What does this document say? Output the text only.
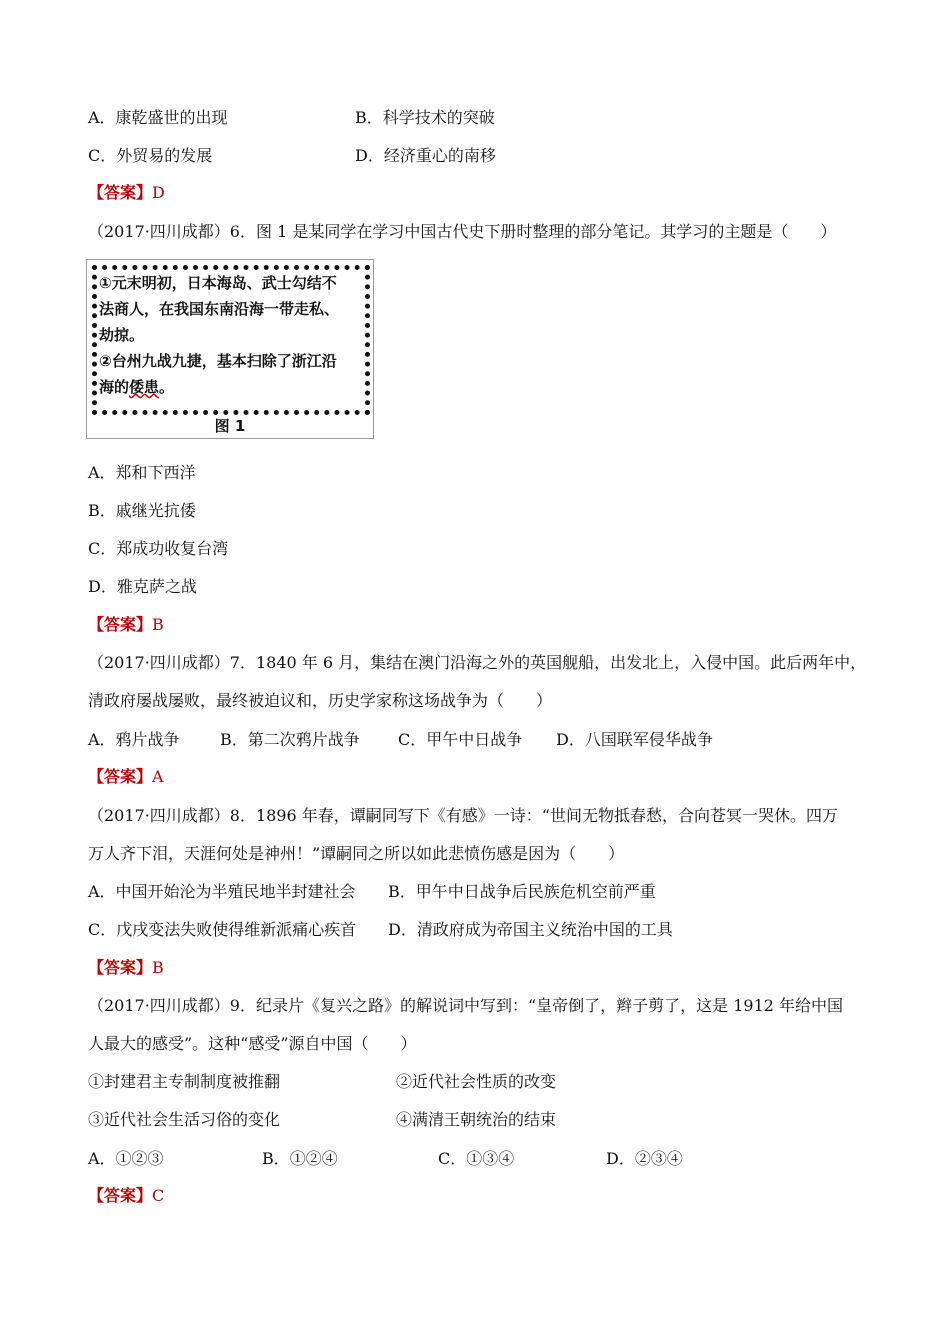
A．康乾盛世的出现	B．科学技术的突破
C．外贸易的发展	D．经济重心的南移
【答案】D
（2017·四川成都）6．图 1 是某同学在学习中国古代史下册时整理的部分笔记。其学习的主题是（　　）

①元末明初，日本海岛、武士勾结不法商人，在我国东南沿海一带走私、劫掠。

②台州九战九捷，基本扫除了浙江沿海的倭患。

图 1
A．郑和下西洋
B．戚继光抗倭
C．郑成功收复台湾
D．雅克萨之战
【答案】B
（2017·四川成都）7．1840 年 6 月，集结在澳门沿海之外的英国舰船，出发北上，入侵中国。此后两年中，
清政府屡战屡败，最终被迫议和，历史学家称这场战争为（　　）
A．鸦片战争	B．第二次鸦片战争 C．甲午中日战争 D．八国联军侵华战争
【答案】A
（2017·四川成都）8．1896 年春，谭嗣同写下《有感》一诗：“世间无物抵春愁，合向苍冥一哭休。四万
万人齐下泪，天涯何处是神州！”谭嗣同之所以如此悲愤伤感是因为（　　）
A．中国开始沦为半殖民地半封建社会 B．甲午中日战争后民族危机空前严重
C．戊戌变法失败使得维新派痛心疾首 D．清政府成为帝国主义统治中国的工具
【答案】B
（2017·四川成都）9．纪录片《复兴之路》的解说词中写到：“皇帝倒了，辫子剪了，这是 1912 年给中国
人最大的感受”。这种“感受”源自中国（　　）
①封建君主专制制度被推翻	②近代社会性质的改变
③近代社会生活习俗的变化	④满清王朝统治的结束
A．①②③	B．①②④	C．①③④	D．②③④
【答案】C
